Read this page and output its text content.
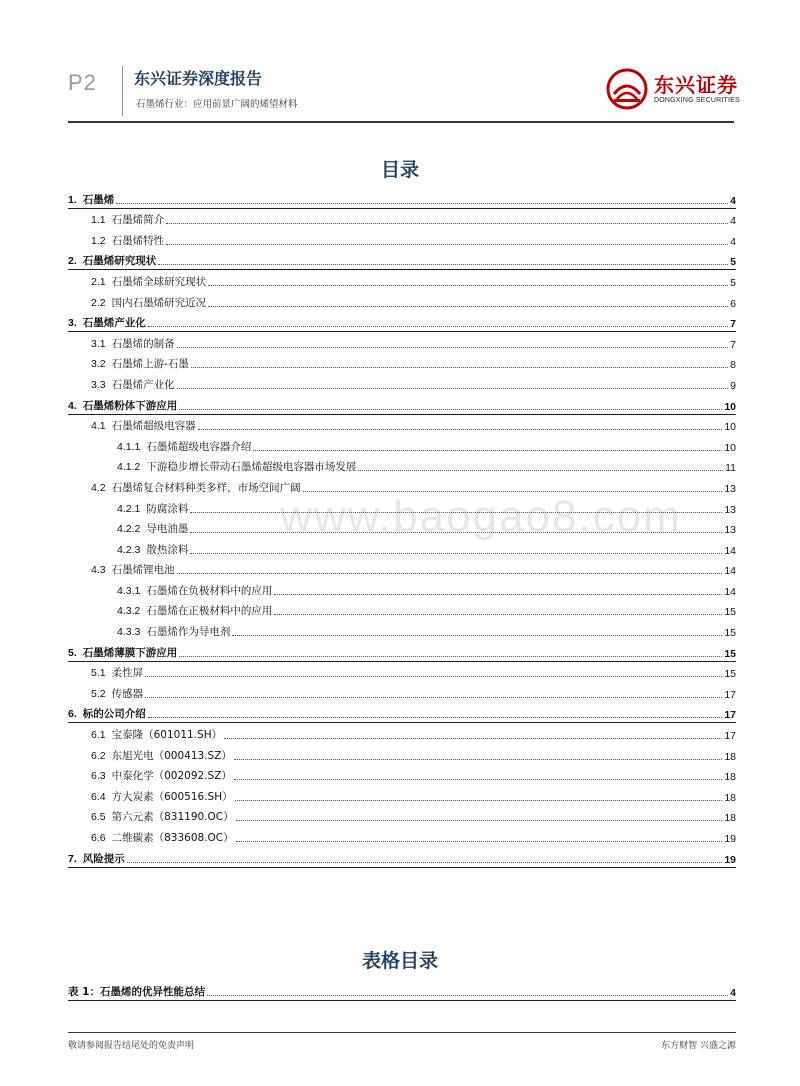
P2 东兴证券深度报告
石墨烯行业：应用前景广阔的烯望材料
东兴证券
DONGXING SECURITIES
目录
www.baogao8.com
1. 石墨烯	4
1.1 石墨烯简介	4
1.2 石墨烯特性	4
2. 石墨烯研究现状	5
2.1 石墨烯全球研究现状	5
2.2 国内石墨烯研究近况	6
3. 石墨烯产业化	7
3.1 石墨烯的制备	7
3.2 石墨烯上游-石墨	8
3.3 石墨烯产业化	9
4. 石墨烯粉体下游应用	10
4.1 石墨烯超级电容器	10
4.1.1 石墨烯超级电容器介绍	10
4.1.2 下游稳步增长带动石墨烯超级电容器市场发展	11
4.2 石墨烯复合材料种类多样，市场空间广阔	13
4.2.1 防腐涂料	13
4.2.2 导电油墨	13
4.2.3 散热涂料	14
4.3 石墨烯锂电池	14
4.3.1 石墨烯在负极材料中的应用	14
4.3.2 石墨烯在正极材料中的应用	15
4.3.3 石墨烯作为导电剂	15
5. 石墨烯薄膜下游应用	15
5.1 柔性屏	15
5.2 传感器	17
6. 标的公司介绍	17
6.1 宝泰隆（601011.SH）	17
6.2 东旭光电（000413.SZ）	18
6.3 中泰化学（002092.SZ）	18
6.4 方大炭素（600516.SH）	18
6.5 第六元素（831190.OC）	18
6.6 二维碳素（833608.OC）	19
7. 风险提示	19
表格目录
表 1：石墨烯的优异性能总结	4
敬请参阅报告结尾处的免责声明	东方财智 兴盛之源
